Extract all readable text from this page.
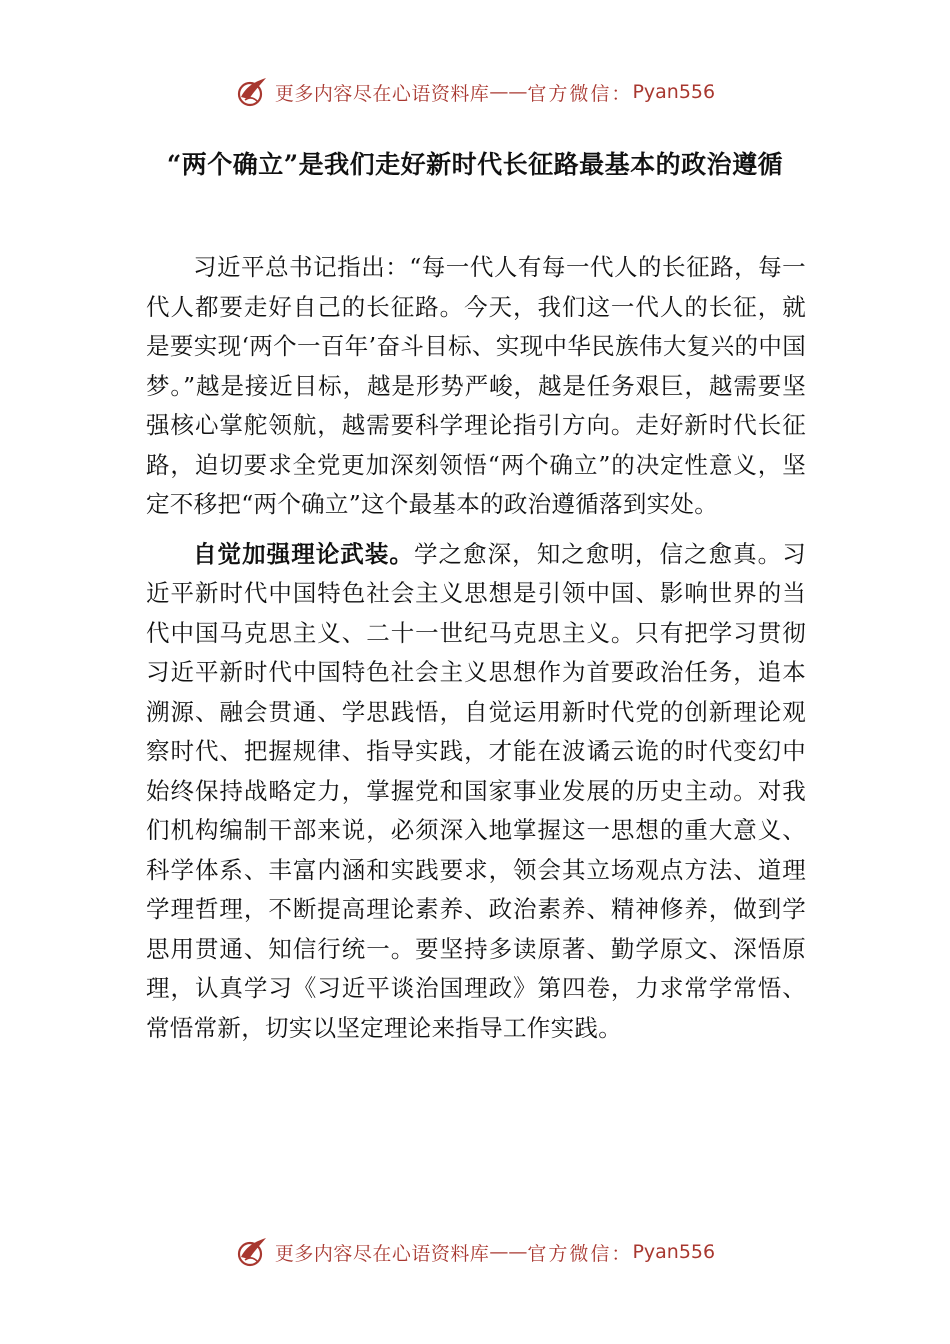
更多内容尽在心语资料库 —— 官方微信： Pyan556
“两个确立”是我们走好新时代长征路最基本的政治遵循

习近平总书记指出：“每一代人有每一代人的长征路，每一代人都要走好自己的长征路。今天，我们这一代人的长征，就是要实现‘两个一百年’奋斗目标、实现中华民族伟大复兴的中国梦。”越是接近目标，越是形势严峻，越是任务艰巨，越需要坚强核心掌舵领航，越需要科学理论指引方向。走好新时代长征路，迫切要求全党更加深刻领悟“两个确立”的决定性意义，坚定不移把“两个确立”这个最基本的政治遵循落到实处。

自觉加强理论武装。学之愈深，知之愈明，信之愈真。习近平新时代中国特色社会主义思想是引领中国、影响世界的当代中国马克思主义、二十一世纪马克思主义。只有把学习贯彻习近平新时代中国特色社会主义思想作为首要政治任务，追本溯源、融会贯通、学思践悟，自觉运用新时代党的创新理论观察时代、把握规律、指导实践，才能在波谲云诡的时代变幻中始终保持战略定力，掌握党和国家事业发展的历史主动。对我们机构编制干部来说，必须深入地掌握这一思想的重大意义、科学体系、丰富内涵和实践要求，领会其立场观点方法、道理学理哲理，不断提高理论素养、政治素养、精神修养，做到学思用贯通、知信行统一。要坚持多读原著、勤学原文、深悟原理，认真学习《习近平谈治国理政》第四卷，力求常学常悟、常悟常新，切实以坚定理论来指导工作实践。

更多内容尽在心语资料库 —— 官方微信： Pyan556
